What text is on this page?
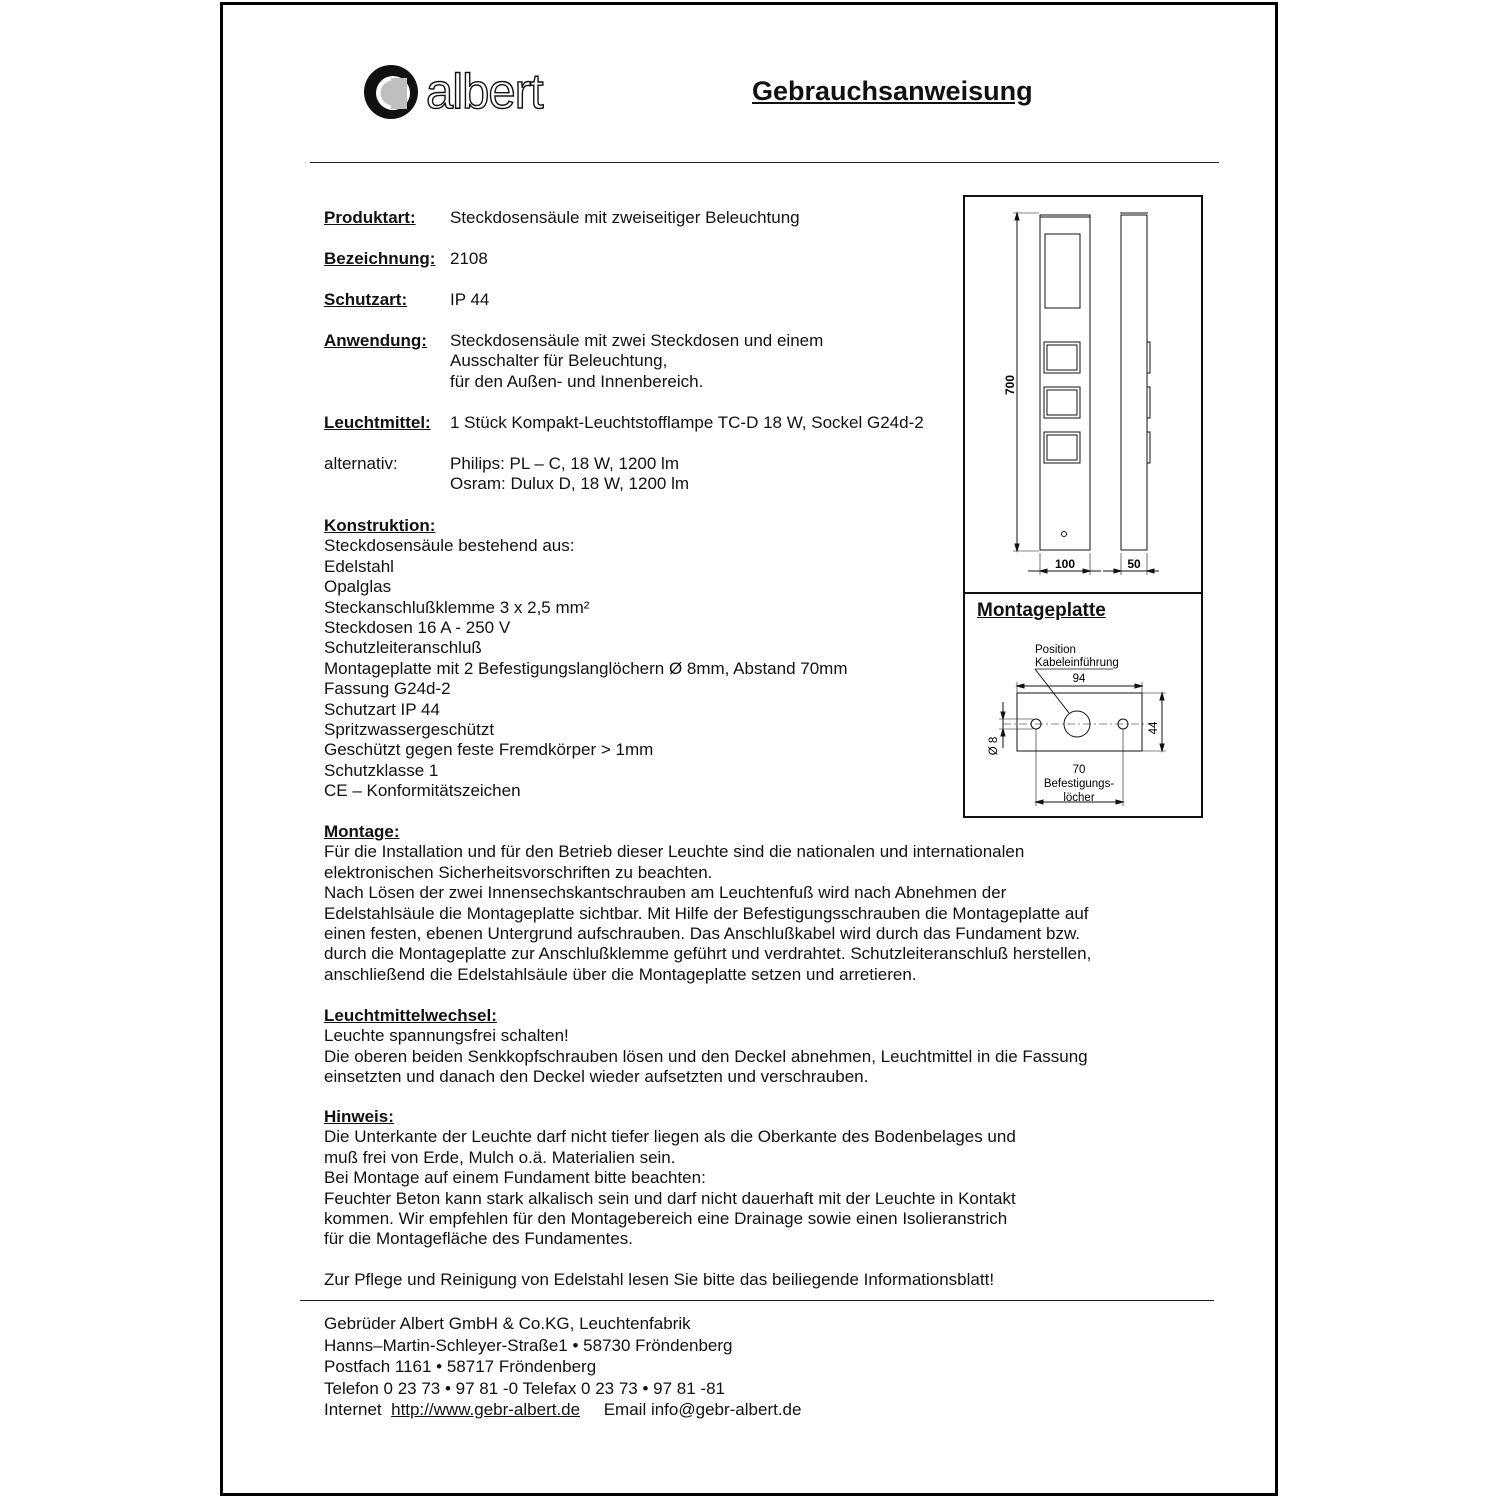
albert	Gebrauchsanweisung
Produktart:	Steckdosensäule mit zweiseitiger Beleuchtung
Bezeichnung: 2108
Schutzart:	IP 44
Anwendung:	Steckdosensäule mit zwei Steckdosen und einem
Ausschalter für Beleuchtung,
für den Außen- und Innenbereich.
Leuchtmittel:	1 Stück Kompakt-Leuchtstofflampe TC-D 18 W, Sockel G24d-2
alternativ:	Philips: PL – C, 18 W, 1200 lm
Osram: Dulux D, 18 W, 1200 lm
Konstruktion:
Steckdosensäule bestehend aus:
Edelstahl
Opalglas
Steckanschlußklemme 3 x 2,5 mm²
Steckdosen 16 A - 250 V
Schutzleiteranschluß
Montageplatte mit 2 Befestigungslanglöchern Ø 8mm, Abstand 70mm
Fassung G24d-2
Schutzart IP 44
Spritzwassergeschützt
Geschützt gegen feste Fremdkörper > 1mm
Schutzklasse 1
CE – Konformitätszeichen
Montage:
Für die Installation und für den Betrieb dieser Leuchte sind die nationalen und internationalen
elektronischen Sicherheitsvorschriften zu beachten.
Nach Lösen der zwei Innensechskantschrauben am Leuchtenfuß wird nach Abnehmen der
Edelstahlsäule die Montageplatte sichtbar. Mit Hilfe der Befestigungsschrauben die Montageplatte auf
einen festen, ebenen Untergrund aufschrauben. Das Anschlußkabel wird durch das Fundament bzw.
durch die Montageplatte zur Anschlußklemme geführt und verdrahtet. Schutzleiteranschluß herstellen,
anschließend die Edelstahlsäule über die Montageplatte setzen und arretieren.
Leuchtmittelwechsel:
Leuchte spannungsfrei schalten!
Die oberen beiden Senkkopfschrauben lösen und den Deckel abnehmen, Leuchtmittel in die Fassung
einsetzten und danach den Deckel wieder aufsetzten und verschrauben.
Hinweis:
Die Unterkante der Leuchte darf nicht tiefer liegen als die Oberkante des Bodenbelages und
muß frei von Erde, Mulch o.ä. Materialien sein.
Bei Montage auf einem Fundament bitte beachten:
Feuchter Beton kann stark alkalisch sein und darf nicht dauerhaft mit der Leuchte in Kontakt
kommen. Wir empfehlen für den Montagebereich eine Drainage sowie einen Isolieranstrich
für die Montagefläche des Fundamentes.
Zur Pflege und Reinigung von Edelstahl lesen Sie bitte das beiliegende Informationsblatt!
Gebrüder Albert GmbH & Co.KG, Leuchtenfabrik
Hanns–Martin-Schleyer-Straße1 • 58730 Fröndenberg
Postfach 1161 • 58717 Fröndenberg
Telefon 0 23 73 • 97 81 -0 Telefax 0 23 73 • 97 81 -81
Internet http://www.gebr-albert.de Email info@gebr-albert.de
700
100	50
Montageplatte
Position
Kabeleinführung
94
44
Ø 8
70
Befestigungs-
löcher
